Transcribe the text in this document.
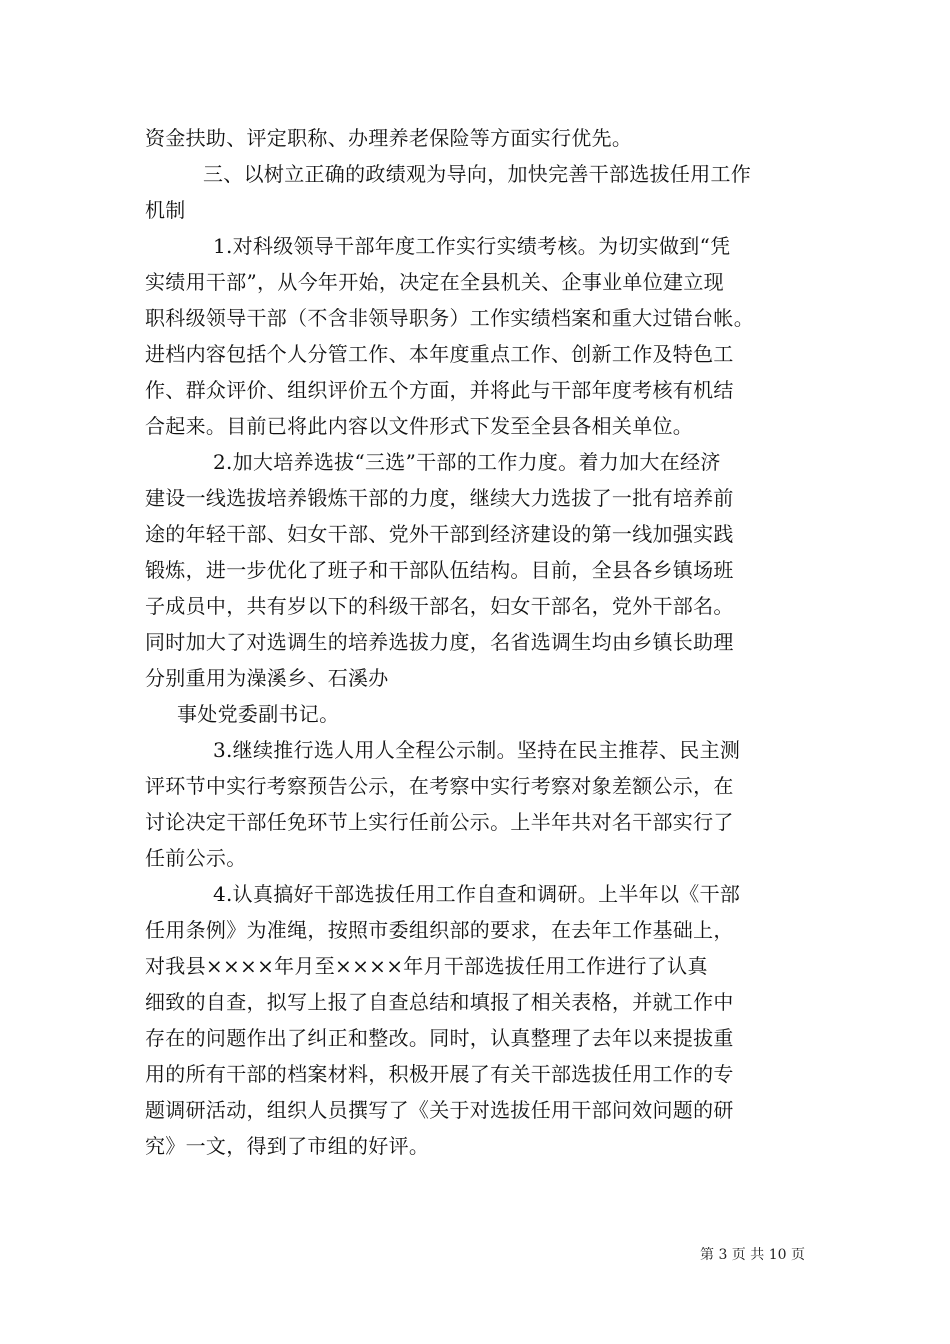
资金扶助、评定职称、办理养老保险等方面实行优先。
三、以树立正确的政绩观为导向，加快完善干部选拔任用工作
机制
1.对科级领导干部年度工作实行实绩考核。为切实做到“凭
实绩用干部”，从今年开始，决定在全县机关、企事业单位建立现
职科级领导干部（不含非领导职务）工作实绩档案和重大过错台帐。
进档内容包括个人分管工作、本年度重点工作、创新工作及特色工
作、群众评价、组织评价五个方面，并将此与干部年度考核有机结
合起来。目前已将此内容以文件形式下发至全县各相关单位。
2.加大培养选拔“三选”干部的工作力度。着力加大在经济
建设一线选拔培养锻炼干部的力度，继续大力选拔了一批有培养前
途的年轻干部、妇女干部、党外干部到经济建设的第一线加强实践
锻炼，进一步优化了班子和干部队伍结构。目前，全县各乡镇场班
子成员中，共有岁以下的科级干部名，妇女干部名，党外干部名。
同时加大了对选调生的培养选拔力度，名省选调生均由乡镇长助理
分别重用为澡溪乡、石溪办
事处党委副书记。
3.继续推行选人用人全程公示制。坚持在民主推荐、民主测
评环节中实行考察预告公示，在考察中实行考察对象差额公示，在
讨论决定干部任免环节上实行任前公示。上半年共对名干部实行了
任前公示。
4.认真搞好干部选拔任用工作自查和调研。上半年以《干部
任用条例》为准绳，按照市委组织部的要求，在去年工作基础上，
对我县××××年月至××××年月干部选拔任用工作进行了认真
细致的自查，拟写上报了自查总结和填报了相关表格，并就工作中
存在的问题作出了纠正和整改。同时，认真整理了去年以来提拔重
用的所有干部的档案材料，积极开展了有关干部选拔任用工作的专
题调研活动，组织人员撰写了《关于对选拔任用干部问效问题的研
究》一文，得到了市组的好评。
第 3 页 共 10 页
